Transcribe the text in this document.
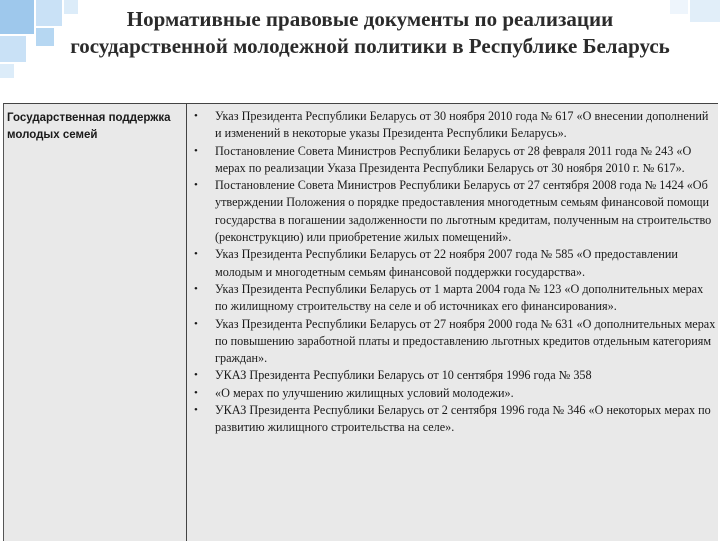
Нормативные правовые документы по реализации государственной молодежной политики в Республике Беларусь
Государственная поддержка молодых семей
• Указ Президента Республики Беларусь от 30 ноября 2010 года № 617 «О внесении дополнений и изменений в некоторые указы Президента Республики Беларусь».
• Постановление Совета Министров Республики Беларусь от 28 февраля 2011 года № 243 «О мерах по реализации Указа Президента Республики Беларусь от 30 ноября 2010 г. № 617».
• Постановление Совета Министров Республики Беларусь от 27 сентября 2008 года № 1424 «Об утверждении Положения о порядке предоставления многодетным семьям финансовой помощи государства в погашении задолженности по льготным кредитам, полученным на строительство (реконструкцию) или приобретение жилых помещений».
• Указ Президента Республики Беларусь от 22 ноября 2007 года № 585 «О предоставлении молодым и многодетным семьям финансовой поддержки государства».
• Указ Президента Республики Беларусь от 1 марта 2004 года № 123 «О дополнительных мерах по жилищному строительству на селе и об источниках его финансирования».
• Указ Президента Республики Беларусь от 27 ноября 2000 года № 631 «О дополнительных мерах по повышению заработной платы и предоставлению льготных кредитов отдельным категориям граждан».
• УКАЗ Президента Республики Беларусь от 10 сентября 1996 года № 358
• «О мерах по улучшению жилищных условий молодежи».
• УКАЗ Президента Республики Беларусь от 2 сентября 1996 года № 346 «О некоторых мерах по развитию жилищного строительства на селе».
